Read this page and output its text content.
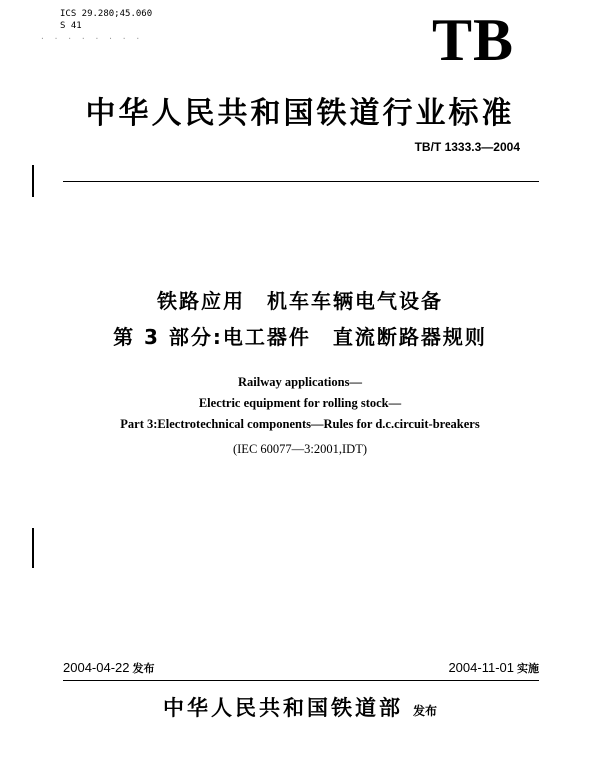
ICS 29.280;45.060
S 41
· · · · · · · ·	TB
中华人民共和国铁道行业标准
TB/T 1333.3—2004
铁路应用　机车车辆电气设备
第 3 部分:电工器件　直流断路器规则
Railway applications—
Electric equipment for rolling stock—
Part 3:Electrotechnical components—Rules for d.c.circuit-breakers
(IEC 60077—3:2001,IDT)
2004-04-22 发布	2004-11-01 实施
中华人民共和国铁道部 发布
